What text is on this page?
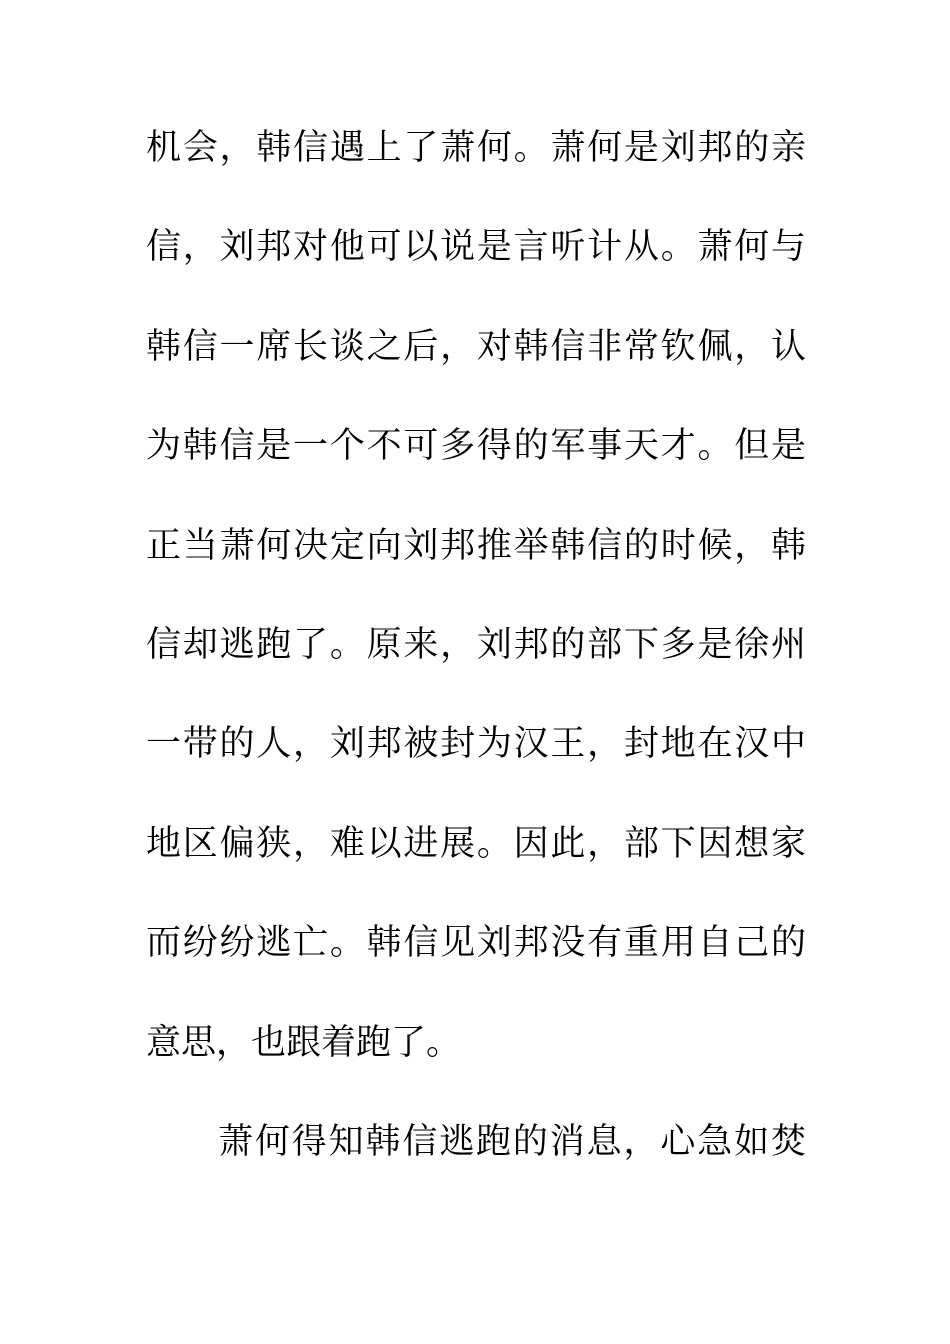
机会，韩信遇上了萧何。萧何是刘邦的亲
信，刘邦对他可以说是言听计从。萧何与
韩信一席长谈之后，对韩信非常钦佩，认
为韩信是一个不可多得的军事天才。但是
正当萧何决定向刘邦推举韩信的时候，韩
信却逃跑了。原来，刘邦的部下多是徐州
一带的人，刘邦被封为汉王，封地在汉中
地区偏狭，难以进展。因此，部下因想家
而纷纷逃亡。韩信见刘邦没有重用自己的
意思，也跟着跑了。
萧何得知韩信逃跑的消息，心急如焚
